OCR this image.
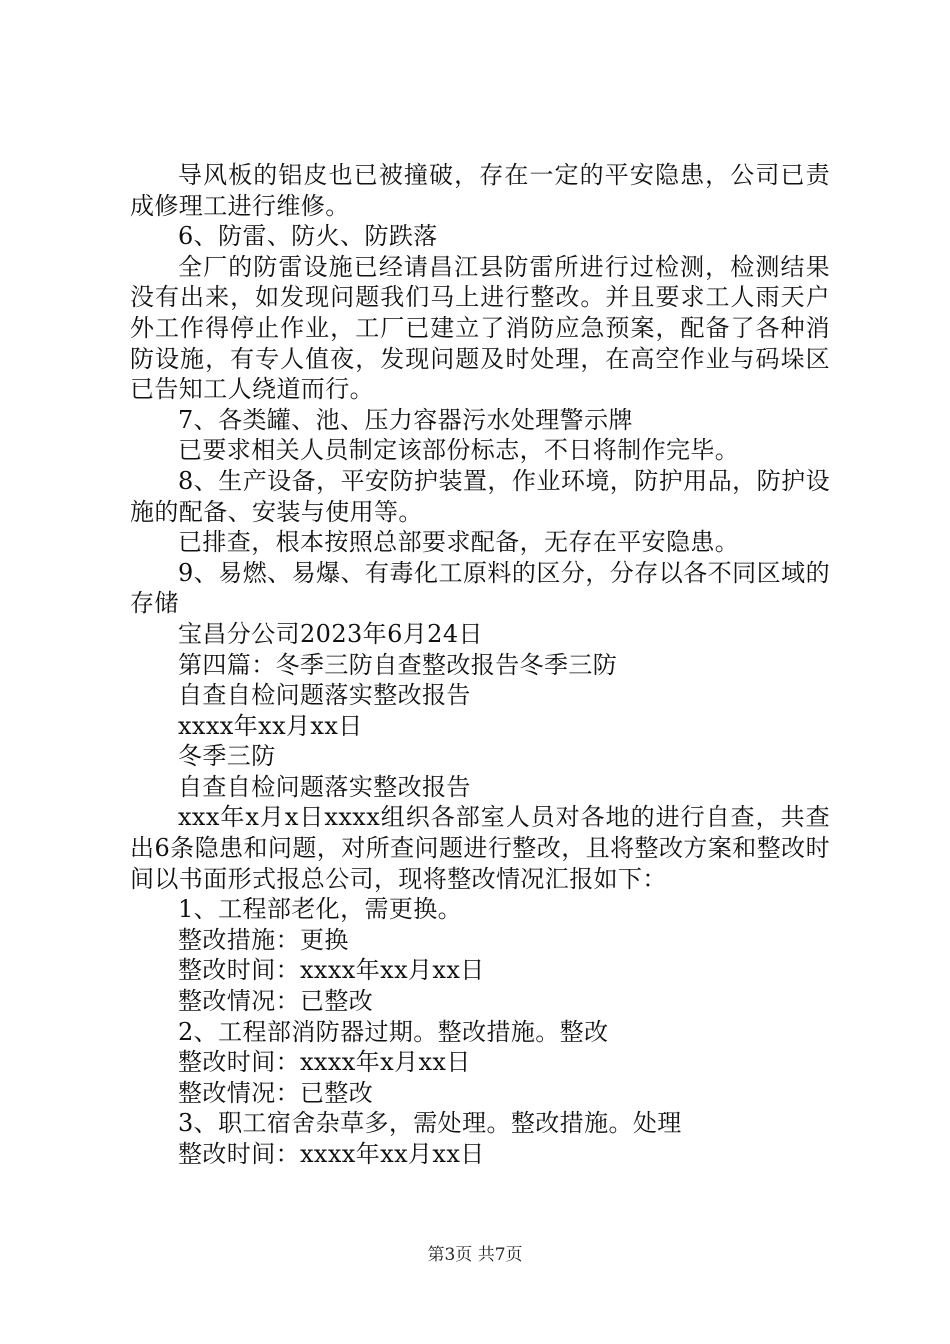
导风板的铝皮也已被撞破，存在一定的平安隐患，公司已责成修理工进行维修。

6、防雷、防火、防跌落

全厂的防雷设施已经请昌江县防雷所进行过检测，检测结果没有出来，如发现问题我们马上进行整改。并且要求工人雨天户外工作得停止作业，工厂已建立了消防应急预案，配备了各种消防设施，有专人值夜，发现问题及时处理，在高空作业与码垛区已告知工人绕道而行。

7、各类罐、池、压力容器污水处理警示牌

已要求相关人员制定该部份标志，不日将制作完毕。

8、生产设备，平安防护装置，作业环境，防护用品，防护设施的配备、安装与使用等。

已排查，根本按照总部要求配备，无存在平安隐患。

9、易燃、易爆、有毒化工原料的区分，分存以各不同区域的存储

宝昌分公司2023年6月24日

第四篇：冬季三防自查整改报告冬季三防

自查自检问题落实整改报告

xxxx年xx月xx日

冬季三防

自查自检问题落实整改报告

xxx年x月x日xxxx组织各部室人员对各地的进行自查，共查出6条隐患和问题，对所查问题进行整改，且将整改方案和整改时间以书面形式报总公司，现将整改情况汇报如下：

1、工程部老化，需更换。

整改措施：更换

整改时间：xxxx年xx月xx日

整改情况：已整改

2、工程部消防器过期。整改措施。整改

整改时间：xxxx年x月xx日

整改情况：已整改

3、职工宿舍杂草多，需处理。整改措施。处理

整改时间：xxxx年xx月xx日

第3页 共7页
